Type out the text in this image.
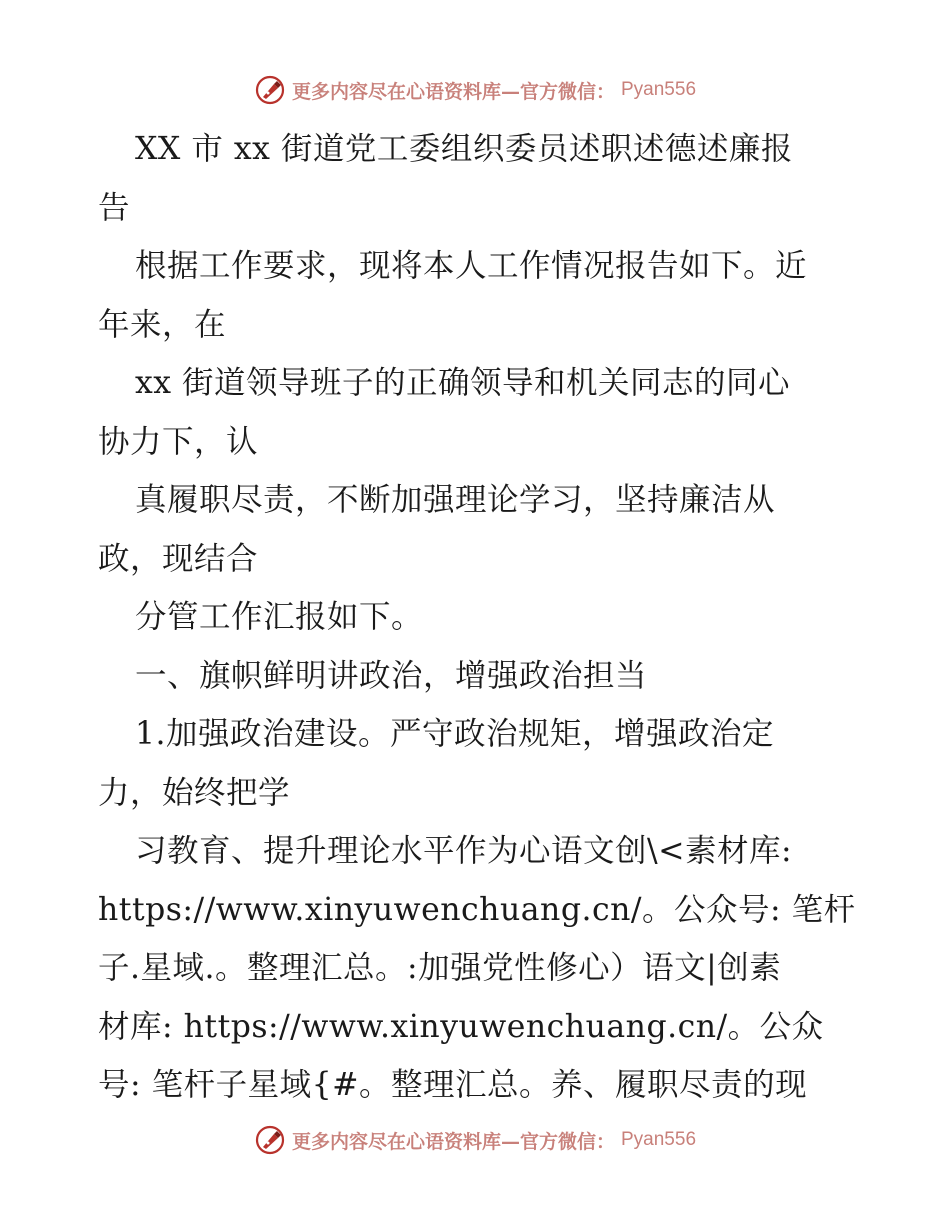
更多内容尽在心语资料库—官方微信： Pyan556
XX 市 xx 街道党工委组织委员述职述德述廉报
告
根据工作要求，现将本人工作情况报告如下。近
年来，在
xx 街道领导班子的正确领导和机关同志的同心
协力下，认
真履职尽责，不断加强理论学习，坚持廉洁从
政，现结合
分管工作汇报如下。
一、旗帜鲜明讲政治，增强政治担当
1.加强政治建设。严守政治规矩，增强政治定
力，始终把学
习教育、提升理论水平作为心语文创\<素材库:
https://www.xinyuwenchuang.cn/。公众号: 笔杆
子.星域.。整理汇总。:加强党性修心）语文|创素
材库: https://www.xinyuwenchuang.cn/。公众
号: 笔杆子星域{#。整理汇总。养、履职尽责的现
更多内容尽在心语资料库—官方微信： Pyan556
